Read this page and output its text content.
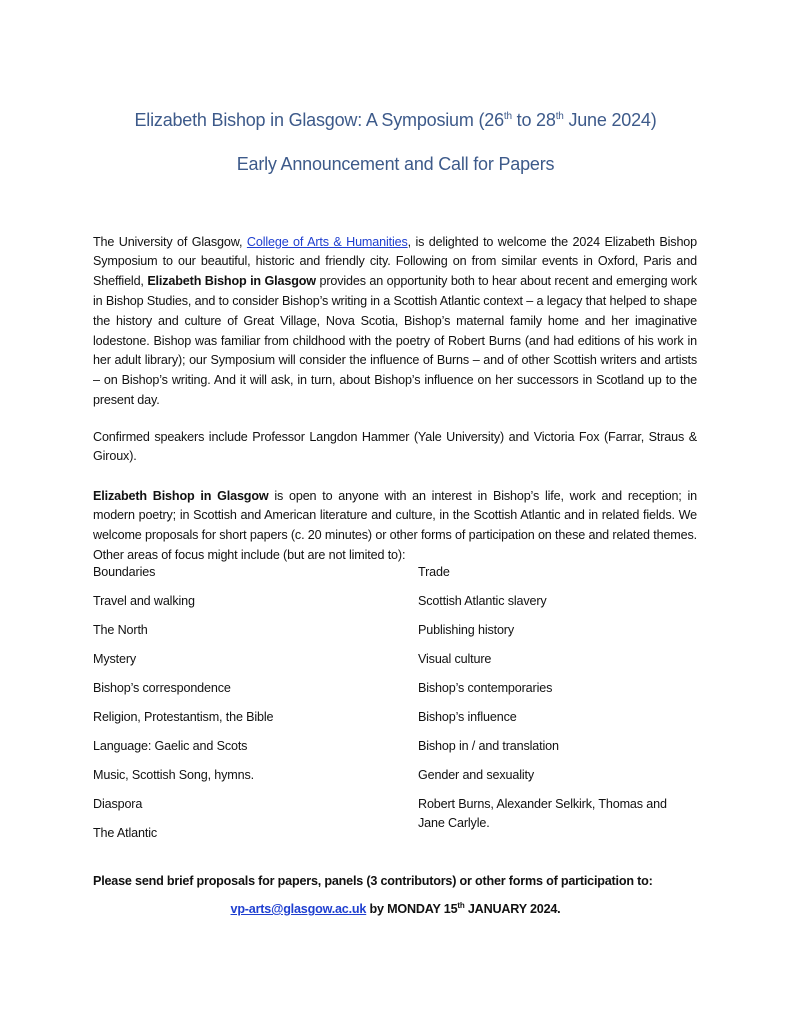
Elizabeth Bishop in Glasgow: A Symposium (26th to 28th June 2024)
Early Announcement and Call for Papers

The University of Glasgow, College of Arts & Humanities, is delighted to welcome the 2024 Elizabeth Bishop Symposium to our beautiful, historic and friendly city. Following on from similar events in Oxford, Paris and Sheffield, Elizabeth Bishop in Glasgow provides an opportunity both to hear about recent and emerging work in Bishop Studies, and to consider Bishop’s writing in a Scottish Atlantic context – a legacy that helped to shape the history and culture of Great Village, Nova Scotia, Bishop’s maternal family home and her imaginative lodestone. Bishop was familiar from childhood with the poetry of Robert Burns (and had editions of his work in her adult library); our Symposium will consider the influence of Burns – and of other Scottish writers and artists – on Bishop’s writing. And it will ask, in turn, about Bishop’s influence on her successors in Scotland up to the present day.

Confirmed speakers include Professor Langdon Hammer (Yale University) and Victoria Fox (Farrar, Straus & Giroux).

Elizabeth Bishop in Glasgow is open to anyone with an interest in Bishop’s life, work and reception; in modern poetry; in Scottish and American literature and culture, in the Scottish Atlantic and in related fields. We welcome proposals for short papers (c. 20 minutes) or other forms of participation on these and related themes. Other areas of focus might include (but are not limited to):

Boundaries
Travel and walking
The North
Mystery
Bishop’s correspondence
Religion, Protestantism, the Bible
Language: Gaelic and Scots
Music, Scottish Song, hymns.
Diaspora
The Atlantic
Trade
Scottish Atlantic slavery
Publishing history
Visual culture
Bishop’s contemporaries
Bishop’s influence
Bishop in / and translation
Gender and sexuality
Robert Burns, Alexander Selkirk, Thomas and Jane Carlyle.
Please send brief proposals for papers, panels (3 contributors) or other forms of participation to:
vp-arts@glasgow.ac.uk by MONDAY 15th JANUARY 2024.
